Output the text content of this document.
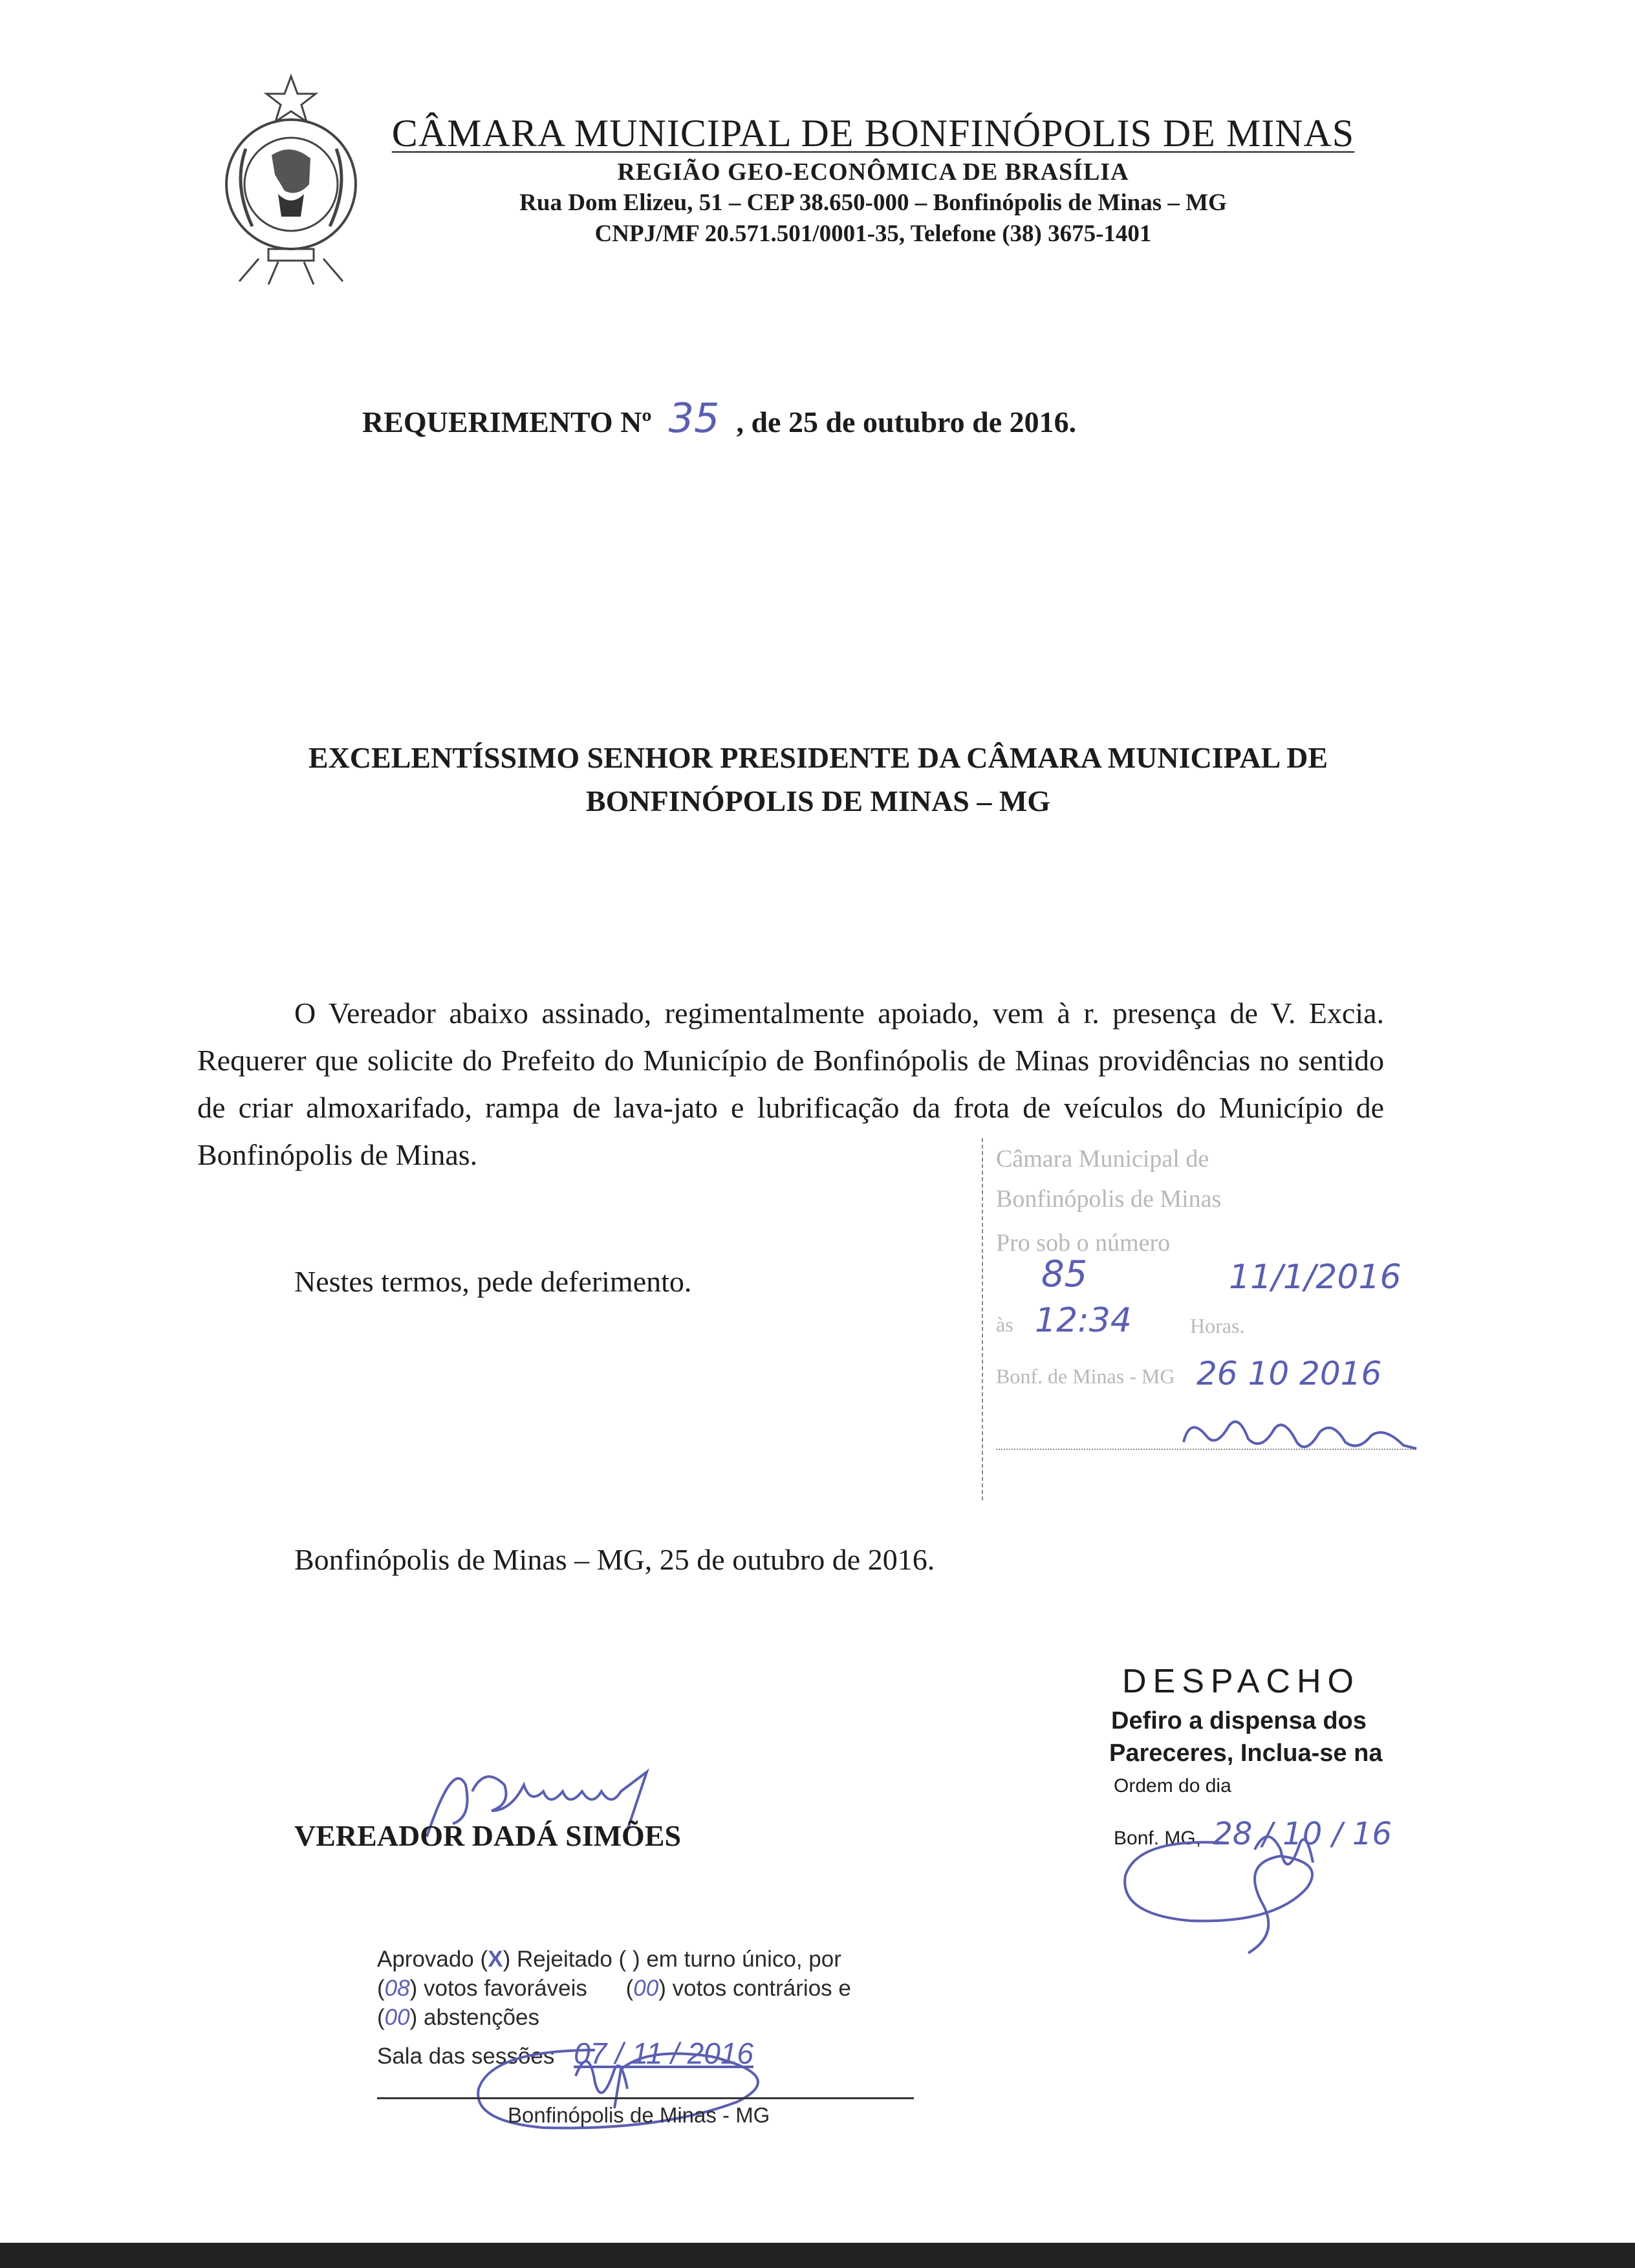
CÂMARA MUNICIPAL DE BONFINÓPOLIS DE MINAS
REGIÃO GEO-ECONÔMICA DE BRASÍLIA
Rua Dom Elizeu, 51 – CEP 38.650-000 – Bonfinópolis de Minas – MG
CNPJ/MF 20.571.501/0001-35, Telefone (38) 3675-1401
REQUERIMENTO Nº 35 , de 25 de outubro de 2016.
EXCELENTÍSSIMO SENHOR PRESIDENTE DA CÂMARA MUNICIPAL DE
BONFINÓPOLIS DE MINAS – MG
O Vereador abaixo assinado, regimentalmente apoiado, vem à r. presença de V. Excia. Requerer que solicite do Prefeito do Município de Bonfinópolis de Minas providências no sentido de criar almoxarifado, rampa de lava-jato e lubrificação da frota de veículos do Município de Bonfinópolis de Minas.
Nestes termos, pede deferimento.
Bonfinópolis de Minas – MG, 25 de outubro de 2016.
Câmara Municipal de
Bonfinópolis de Minas
Pro sob o número
85	11/1/2016
às 12:34	Horas.
Bonf. de Minas - MG 26 10 2016
DESPACHO
Defiro a dispensa dos
Pareceres, Inclua-se na
Ordem do dia
Bonf. MG, 28 / 10 / 16
VEREADOR DADÁ SIMÕES
Aprovado (X) Rejeitado ( ) em turno único, por
(08) votos favoráveis (00) votos contrários e
(00) abstenções
Sala das sessões 07 / 11 / 2016
Bonfinópolis de Minas - MG
